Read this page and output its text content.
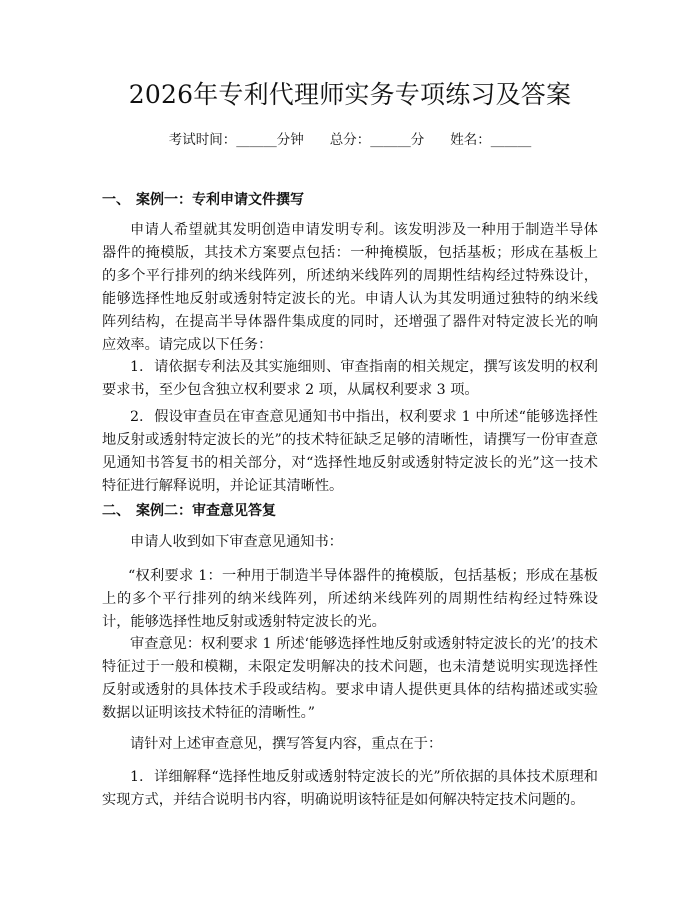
2026年专利代理师实务专项练习及答案
考试时间：______分钟 总分：______分 姓名：______
一、 案例一：专利申请文件撰写
申请人希望就其发明创造申请发明专利。该发明涉及一种用于制造半导体器件的掩模版，其技术方案要点包括：一种掩模版，包括基板；形成在基板上的多个平行排列的纳米线阵列，所述纳米线阵列的周期性结构经过特殊设计，能够选择性地反射或透射特定波长的光。申请人认为其发明通过独特的纳米线阵列结构，在提高半导体器件集成度的同时，还增强了器件对特定波长光的响应效率。请完成以下任务：
1. 请依据专利法及其实施细则、审查指南的相关规定，撰写该发明的权利要求书，至少包含独立权利要求 2 项，从属权利要求 3 项。
2. 假设审查员在审查意见通知书中指出，权利要求 1 中所述“能够选择性地反射或透射特定波长的光”的技术特征缺乏足够的清晰性，请撰写一份审查意见通知书答复书的相关部分，对“选择性地反射或透射特定波长的光”这一技术特征进行解释说明，并论证其清晰性。
二、 案例二：审查意见答复
申请人收到如下审查意见通知书：
“权利要求 1：一种用于制造半导体器件的掩模版，包括基板；形成在基板上的多个平行排列的纳米线阵列，所述纳米线阵列的周期性结构经过特殊设计，能够选择性地反射或透射特定波长的光。
审查意见：权利要求 1 所述‘能够选择性地反射或透射特定波长的光’的技术特征过于一般和模糊，未限定发明解决的技术问题，也未清楚说明实现选择性反射或透射的具体技术手段或结构。要求申请人提供更具体的结构描述或实验数据以证明该技术特征的清晰性。”
请针对上述审查意见，撰写答复内容，重点在于：
1. 详细解释“选择性地反射或透射特定波长的光”所依据的具体技术原理和实现方式，并结合说明书内容，明确说明该特征是如何解决特定技术问题的。
